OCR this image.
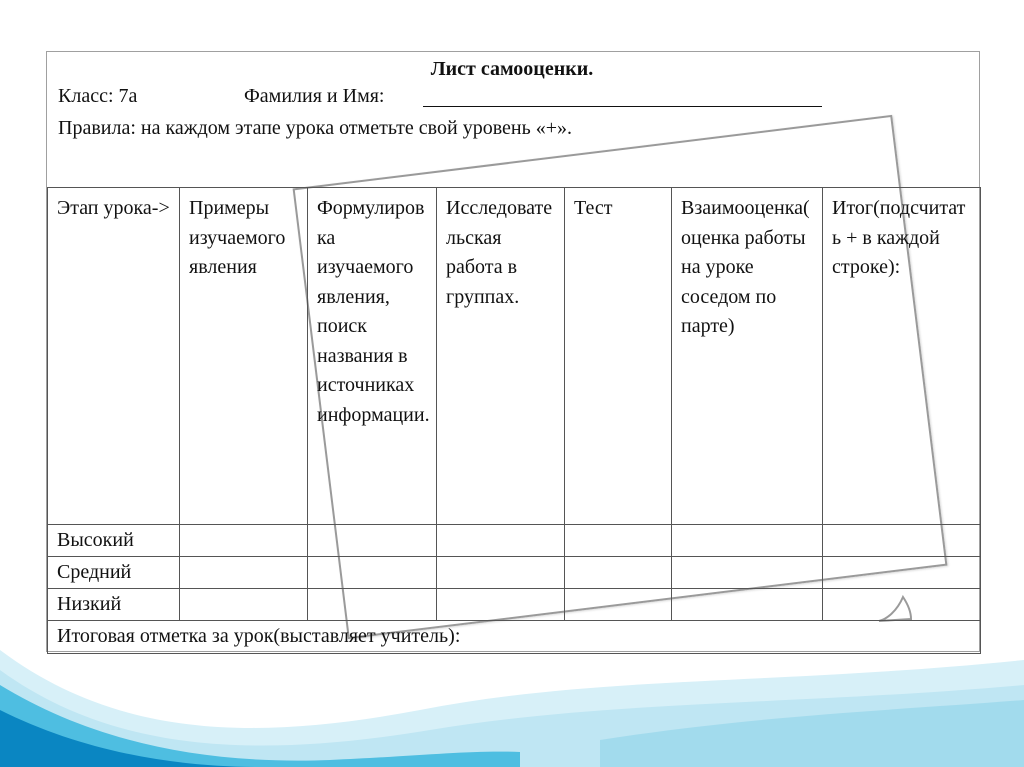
Лист самооценки.
Класс: 7а	Фамилия и Имя:
Правила: на каждом этапе урока отметьте свой уровень «+».
Этап урока->	Примеры изучаемого явления	Формулировка изучаемого явления, поиск названия в источниках информации.	Исследовательская работа в группах.	Тест	Взаимооценка( оценка работы на уроке соседом по парте)	Итог(подсчитать + в каждой строке):
Высокий						
Средний						
Низкий						
Итоговая отметка за урок(выставляет учитель):						
